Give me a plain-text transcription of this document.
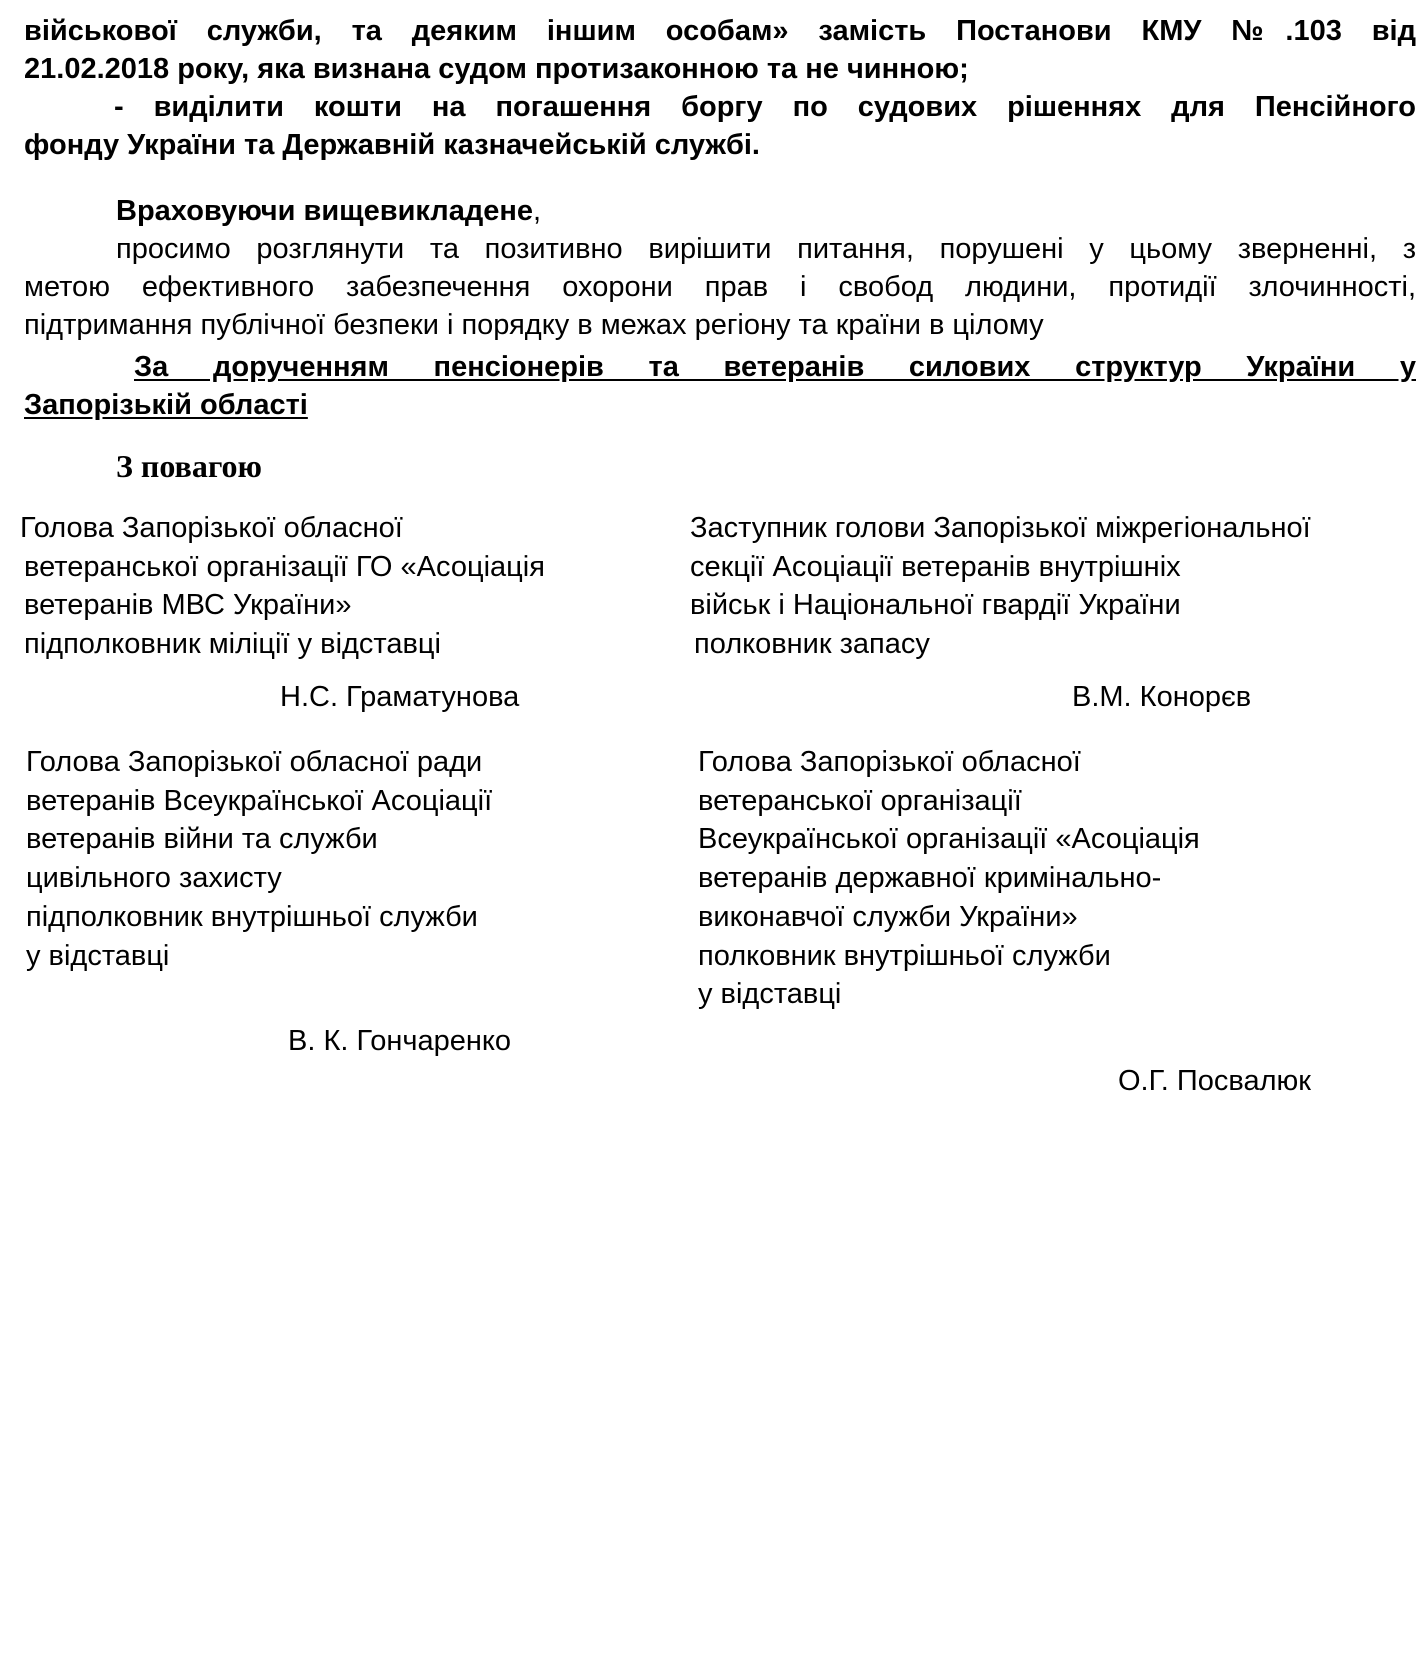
військової служби, та деяким іншим особам» замість Постанови КМУ №.103 від
21.02.2018 року, яка визнана судом протизаконною та не чинною;
- виділити кошти на погашення боргу по судових рішеннях для Пенсійного
фонду України та Державній казначейській службі.
Враховуючи вищевикладене,
просимо розглянути та позитивно вирішити питання, порушені у цьому зверненні, з
метою ефективного забезпечення охорони прав і свобод людини, протидії злочинності,
підтримання публічної безпеки і порядку в межах регіону та країни в цілому
За дорученням пенсіонерів та ветеранів силових структур України у
Запорізькій області
З повагою
Голова Запорізької обласної
ветеранської організації ГО «Асоціація
ветеранів МВС України»
підполковник міліції у відставці
Н.С. Граматунова
Заступник голови Запорізької міжрегіональної
секції Асоціації ветеранів внутрішніх
військ і Національної гвардії України
полковник запасу
В.М. Конорєв
Голова Запорізької обласної ради
ветеранів Всеукраїнської Асоціації
ветеранів війни та служби
цивільного захисту
підполковник внутрішньої служби
у відставці
В. К. Гончаренко
Голова Запорізької обласної
ветеранської організації
Всеукраїнської організації «Асоціація
ветеранів державної кримінально-
виконавчої служби України»
полковник внутрішньої служби
у відставці
О.Г. Посвалюк
